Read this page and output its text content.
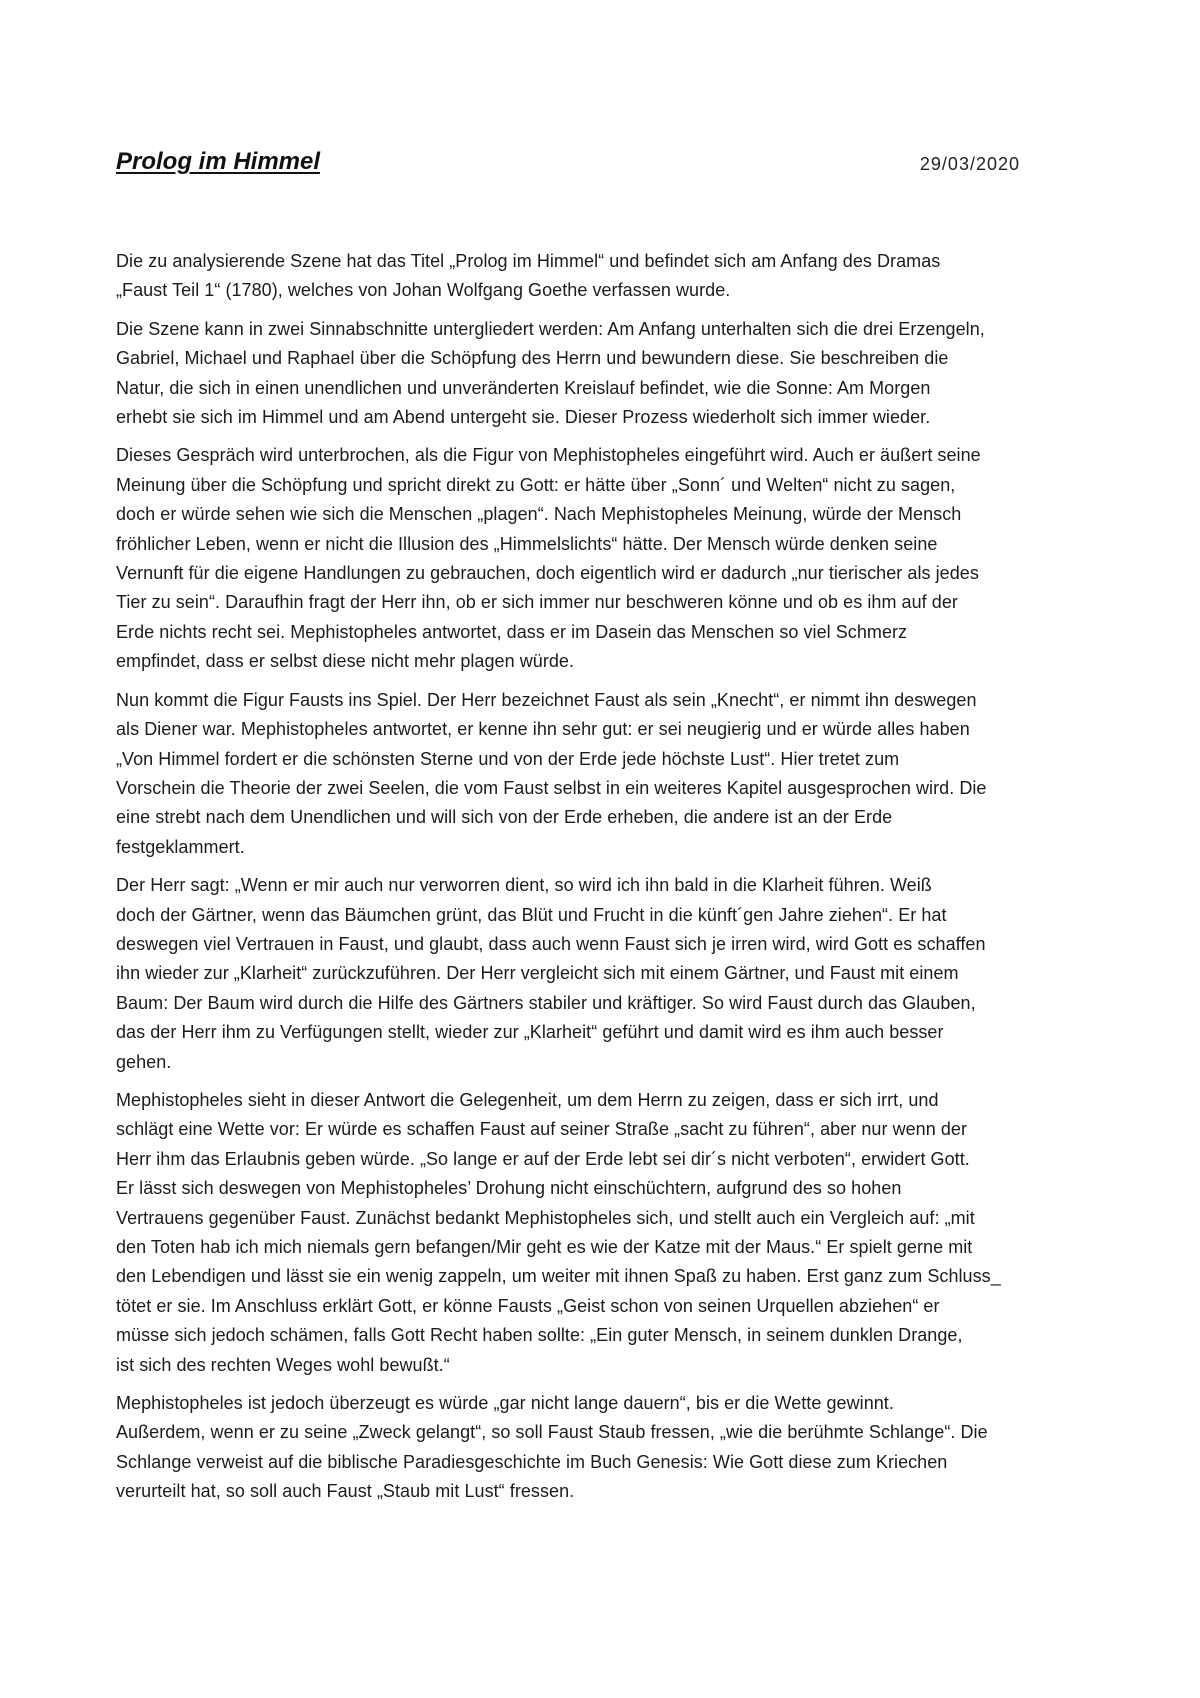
Prolog im Himmel	29/03/2020

Die zu analysierende Szene hat das Titel „Prolog im Himmel“ und befindet sich am Anfang des Dramas
„Faust Teil 1“ (1780), welches von Johan Wolfgang Goethe verfassen wurde.

Die Szene kann in zwei Sinnabschnitte untergliedert werden: Am Anfang unterhalten sich die drei Erzengeln,
Gabriel, Michael und Raphael über die Schöpfung des Herrn und bewundern diese. Sie beschreiben die
Natur, die sich in einen unendlichen und unveränderten Kreislauf befindet, wie die Sonne: Am Morgen
erhebt sie sich im Himmel und am Abend untergeht sie. Dieser Prozess wiederholt sich immer wieder.

Dieses Gespräch wird unterbrochen, als die Figur von Mephistopheles eingeführt wird. Auch er äußert seine
Meinung über die Schöpfung und spricht direkt zu Gott: er hätte über „Sonn´ und Welten“ nicht zu sagen,
doch er würde sehen wie sich die Menschen „plagen“. Nach Mephistopheles Meinung, würde der Mensch
fröhlicher Leben, wenn er nicht die Illusion des „Himmelslichts“ hätte. Der Mensch würde denken seine
Vernunft für die eigene Handlungen zu gebrauchen, doch eigentlich wird er dadurch „nur tierischer als jedes
Tier zu sein“. Daraufhin fragt der Herr ihn, ob er sich immer nur beschweren könne und ob es ihm auf der
Erde nichts recht sei. Mephistopheles antwortet, dass er im Dasein das Menschen so viel Schmerz
empfindet, dass er selbst diese nicht mehr plagen würde.

Nun kommt die Figur Fausts ins Spiel. Der Herr bezeichnet Faust als sein „Knecht“, er nimmt ihn deswegen
als Diener war. Mephistopheles antwortet, er kenne ihn sehr gut: er sei neugierig und er würde alles haben
„Von Himmel fordert er die schönsten Sterne und von der Erde jede höchste Lust“. Hier tretet zum
Vorschein die Theorie der zwei Seelen, die vom Faust selbst in ein weiteres Kapitel ausgesprochen wird. Die
eine strebt nach dem Unendlichen und will sich von der Erde erheben, die andere ist an der Erde
festgeklammert.

Der Herr sagt: „Wenn er mir auch nur verworren dient, so wird ich ihn bald in die Klarheit führen. Weiß
doch der Gärtner, wenn das Bäumchen grünt, das Blüt und Frucht in die künft´gen Jahre ziehen“. Er hat
deswegen viel Vertrauen in Faust, und glaubt, dass auch wenn Faust sich je irren wird, wird Gott es schaffen
ihn wieder zur „Klarheit“ zurückzuführen. Der Herr vergleicht sich mit einem Gärtner, und Faust mit einem
Baum: Der Baum wird durch die Hilfe des Gärtners stabiler und kräftiger. So wird Faust durch das Glauben,
das der Herr ihm zu Verfügungen stellt, wieder zur „Klarheit“ geführt und damit wird es ihm auch besser
gehen.

Mephistopheles sieht in dieser Antwort die Gelegenheit, um dem Herrn zu zeigen, dass er sich irrt, und
schlägt eine Wette vor: Er würde es schaffen Faust auf seiner Straße „sacht zu führen“, aber nur wenn der
Herr ihm das Erlaubnis geben würde. „So lange er auf der Erde lebt sei dir´s nicht verboten“, erwidert Gott.
Er lässt sich deswegen von Mephistopheles’ Drohung nicht einschüchtern, aufgrund des so hohen
Vertrauens gegenüber Faust. Zunächst bedankt Mephistopheles sich, und stellt auch ein Vergleich auf: „mit
den Toten hab ich mich niemals gern befangen/Mir geht es wie der Katze mit der Maus.“ Er spielt gerne mit
den Lebendigen und lässt sie ein wenig zappeln, um weiter mit ihnen Spaß zu haben. Erst ganz zum Schluss_
tötet er sie. Im Anschluss erklärt Gott, er könne Fausts „Geist schon von seinen Urquellen abziehen“ er
müsse sich jedoch schämen, falls Gott Recht haben sollte: „Ein guter Mensch, in seinem dunklen Drange,
ist sich des rechten Weges wohl bewußt.“

Mephistopheles ist jedoch überzeugt es würde „gar nicht lange dauern“, bis er die Wette gewinnt.
Außerdem, wenn er zu seine „Zweck gelangt“, so soll Faust Staub fressen, „wie die berühmte Schlange“. Die
Schlange verweist auf die biblische Paradiesgeschichte im Buch Genesis: Wie Gott diese zum Kriechen
verurteilt hat, so soll auch Faust „Staub mit Lust“ fressen.
